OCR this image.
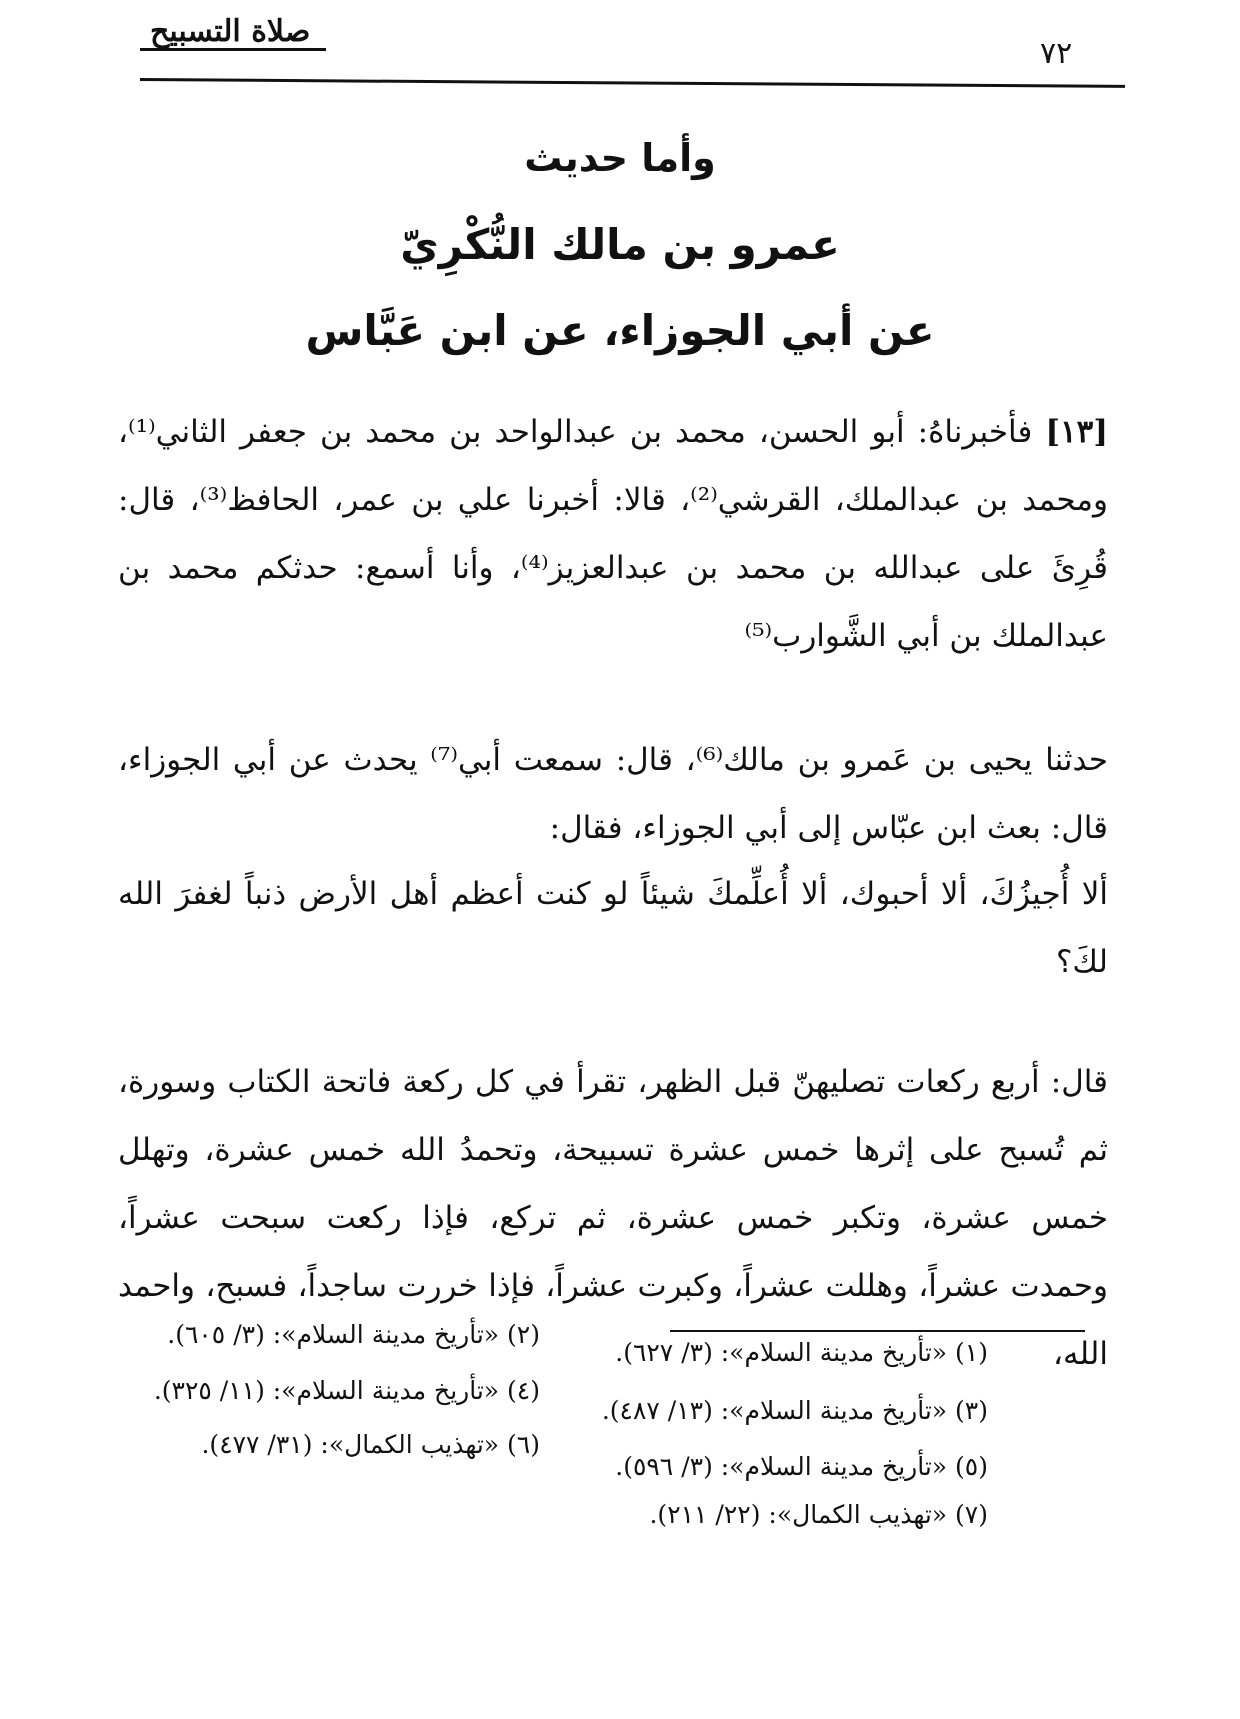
صلاة التسبيح
٧٢
وأما حديث
عمرو بن مالك النُّكْرِيّ
عن أبي الجوزاء، عن ابن عَبَّاس
[١٣] فأخبرناهُ: أبو الحسن، محمد بن عبدالواحد بن محمد بن جعفر الثاني⁽¹⁾، ومحمد بن عبدالملك، القرشي⁽²⁾، قالا: أخبرنا علي بن عمر، الحافظ⁽³⁾، قال: قُرِئَ على عبدالله بن محمد بن عبدالعزيز⁽⁴⁾، وأنا أسمع: حدثكم محمد بن عبدالملك بن أبي الشَّوارب⁽⁵⁾
حدثنا يحيى بن عَمرو بن مالك⁽⁶⁾، قال: سمعت أبي⁽⁷⁾ يحدث عن أبي الجوزاء، قال: بعث ابن عبّاس إلى أبي الجوزاء، فقال:
ألا أُجيزُكَ، ألا أحبوك، ألا أُعلِّمكَ شيئاً لو كنت أعظم أهل الأرض ذنباً لغفرَ الله لكَ؟
قال: أربع ركعات تصليهنّ قبل الظهر، تقرأ في كل ركعة فاتحة الكتاب وسورة، ثم تُسبح على إثرها خمس عشرة تسبيحة، وتحمدُ الله خمس عشرة، وتهلل خمس عشرة، وتكبر خمس عشرة، ثم تركع، فإذا ركعت سبحت عشراً، وحمدت عشراً، وهللت عشراً، وكبرت عشراً، فإذا خررت ساجداً، فسبح، واحمد الله،
(١) «تأريخ مدينة السلام»: (٣/ ٦٢٧).
(٢) «تأريخ مدينة السلام»: (٣/ ٦٠٥).
(٣) «تأريخ مدينة السلام»: (١٣/ ٤٨٧).
(٤) «تأريخ مدينة السلام»: (١١/ ٣٢٥).
(٥) «تأريخ مدينة السلام»: (٣/ ٥٩٦).
(٦) «تهذيب الكمال»: (٣١/ ٤٧٧).
(٧) «تهذيب الكمال»: (٢٢/ ٢١١).
